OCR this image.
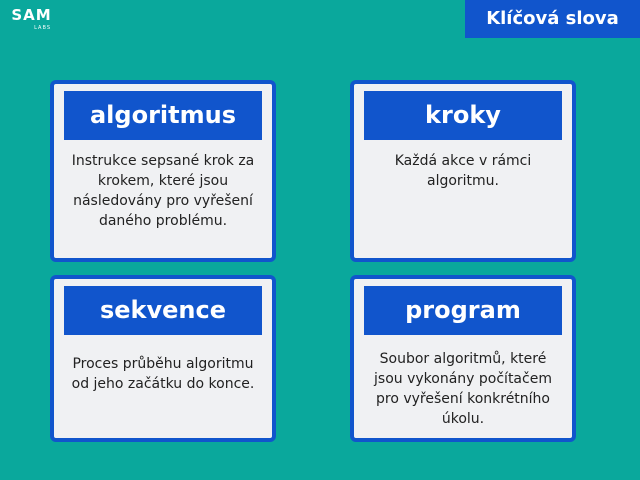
SAM
LABS	Klíčová slova
algoritmus
Instrukce sepsané krok za krokem, které jsou následovány pro vyřešení daného problému.
kroky
Každá akce v rámci algoritmu.
sekvence
Proces průběhu algoritmu od jeho začátku do konce.
program
Soubor algoritmů, které jsou vykonány počítačem pro vyřešení konkrétního úkolu.
